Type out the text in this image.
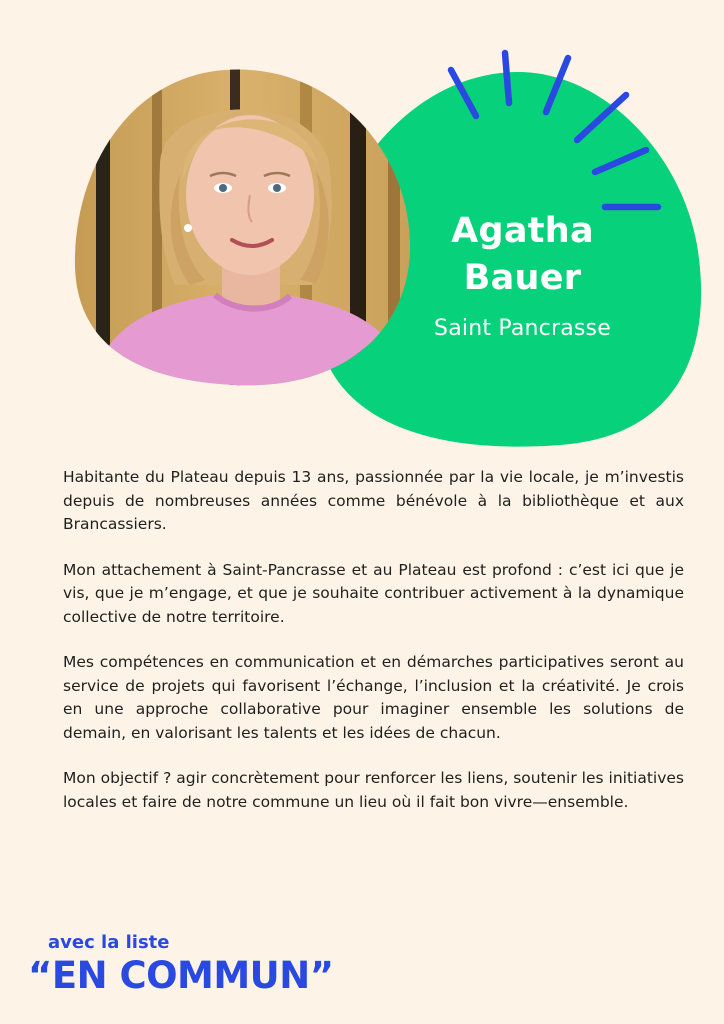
Agatha
Bauer
Saint Pancrasse

Habitante du Plateau depuis 13 ans, passionnée par la vie locale, je m’investis depuis de nombreuses années comme bénévole à la bibliothèque et aux Brancassiers.

Mon attachement à Saint-Pancrasse et au Plateau est profond : c’est ici que je vis, que je m’engage, et que je souhaite contribuer activement à la dynamique collective de notre territoire.

Mes compétences en communication et en démarches participatives seront au service de projets qui favorisent l’échange, l’inclusion et la créativité. Je crois en une approche collaborative pour imaginer ensemble les solutions de demain, en valorisant les talents et les idées de chacun.

Mon objectif ? agir concrètement pour renforcer les liens, soutenir les initiatives locales et faire de notre commune un lieu où il fait bon vivre—ensemble.

avec la liste
“EN COMMUN”
